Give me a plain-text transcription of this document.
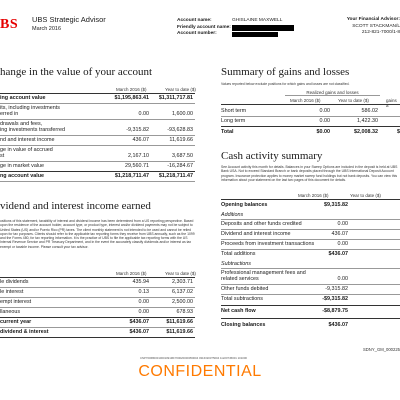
BS UBS Strategic Advisor
March 2016
Account name:
Friendly account name:
Account number:
GHISLAINE MAXWELL	Your Financial Advisor:
SCOTT STACKMAN/L
212-821-7000/1-8
hange in the value of your account
March 2016 ($)	Year to date ($)
ing account value	$1,195,863.41 $1,311,717.81
its, including investments
erred in	0.00	1,600.00
drawals and fees,
ing investments transferred	-9,315.82	-93,628.83
nd and interest income	436.07	11,619.66
ge in value of accrued
st	2,167.10	3,687.50
ge in market value	29,560.71	-16,284.67
ng account value	$1,218,711.47 $1,218,711.47
vidend and interest income earned
ositions of this statement, taxability of interest and dividend income has been determined from a US reporting perspective. Based upon the residence of the account holder, account type, or product type, interest and/or dividend payments may not be subject to United States (US) and/or Puerto Rico (PR) taxes. The client monthly statement is not intended to be used and cannot be relied upon for tax purposes. Clients should refer to the applicable tax reporting forms they receive from UBS annually, such as the 1099 and the Forms 480, for tax reporting information. It is the practice of UBS to file the applicable tax reporting forms with the US Internal Revenue Service and PR Treasury Department, and in the event the accurately classify dividends and/or interest as tax exempt or taxable income. Please consult your tax advisor.
March 2016 ($)	Year to date ($)
le dividends	435.94	2,303.71
le interest	0.13	6,137.02
empt interest	0.00	2,500.00
llaneous	0.00	678.93
current year	$436.07	$11,619.66
dividend & interest	$436.07	$11,619.66
Summary of gains and losses
Values reported below exclude positions for which gains and losses are not classified.
Realized gains and losses
March 2016 ($)	Year to date ($)	gains a
Short term	0.00	586.02
Long term	0.00	1,422.30
Total	$0.00	$2,008.32	$
Cash activity summary
See Account activity this month for details. Balances in your Sweep Options are included in the deposit is held at UBS Bank USA. Not to exceed Standard Branch or bank deposits placed through the UBS International Deposit Account program. Insurance protection applies to money market sweep fund holdings but not bank deposits. You can view this information about your statement on the last two pages of this document for details.
March 2016 ($)	Year to date ($)
Opening balances	$9,315.82
Additions
Deposits and other funds credited	0.00
Dividend and interest income	436.07
Proceeds from investment transactions	0.00
Total additions	$436.07
Subtractions
Professional management fees and
related services	0.00
Other funds debited	-9,315.82
Total subtractions	-$9,315.82
Net cash flow	-$8,879.75
Closing balances	$436.07
SDNY_GM_000225
CNP7006800010001091MF700020000050004 0316320375004 11220745001 101000
CONFIDENTIAL
